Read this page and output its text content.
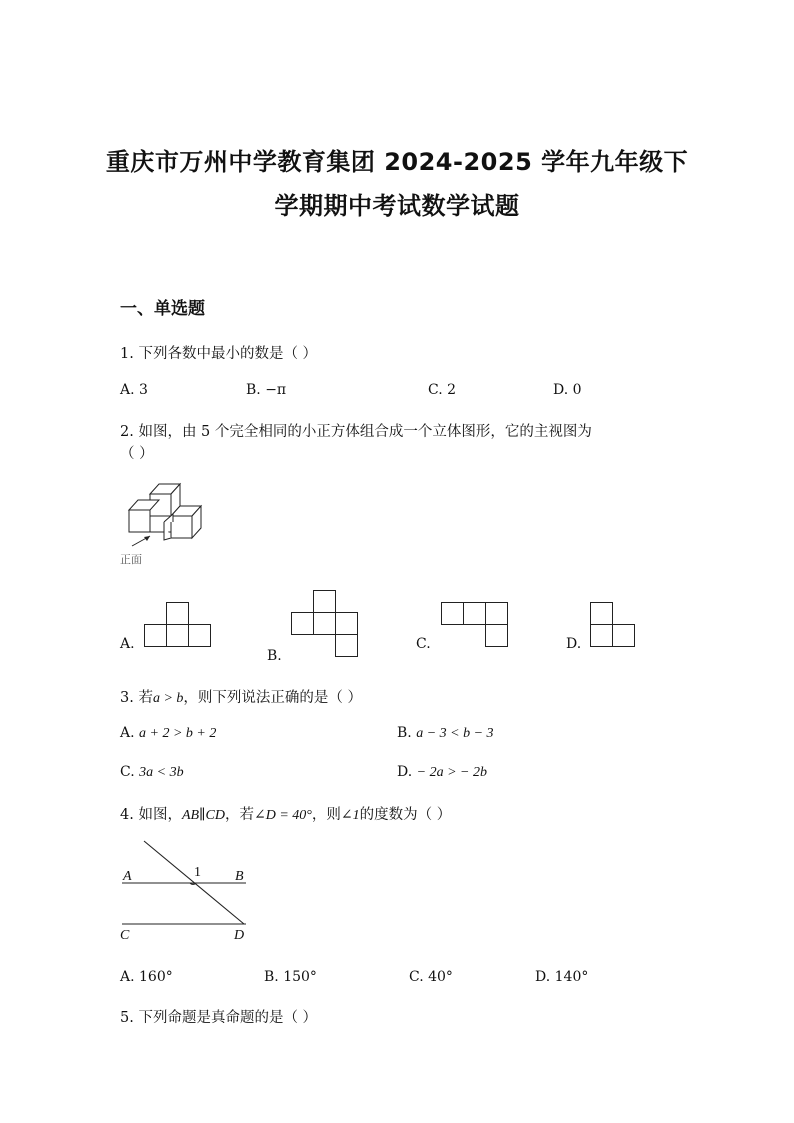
重庆市万州中学教育集团 2024-2025 学年九年级下
学期期中考试数学试题
一、单选题
1. 下列各数中最小的数是（ ）
A. 3	B. −π	C. 2	D. 0
2. 如图，由 5 个完全相同的小正方体组合成一个立体图形，它的主视图为
（ ）
正面
A.
B.
C.	D.
3. 若a > b，则下列说法正确的是（ ）
A. a + 2 > b + 2	B. a − 3 < b − 3
C. 3a < 3b	D. − 2a > − 2b
4. 如图，AB∥CD，若∠D = 40°，则∠1的度数为（ ）
A	B
C	D
1
A. 160°	B. 150°	C. 40°	D. 140°
5. 下列命题是真命题的是（ ）
